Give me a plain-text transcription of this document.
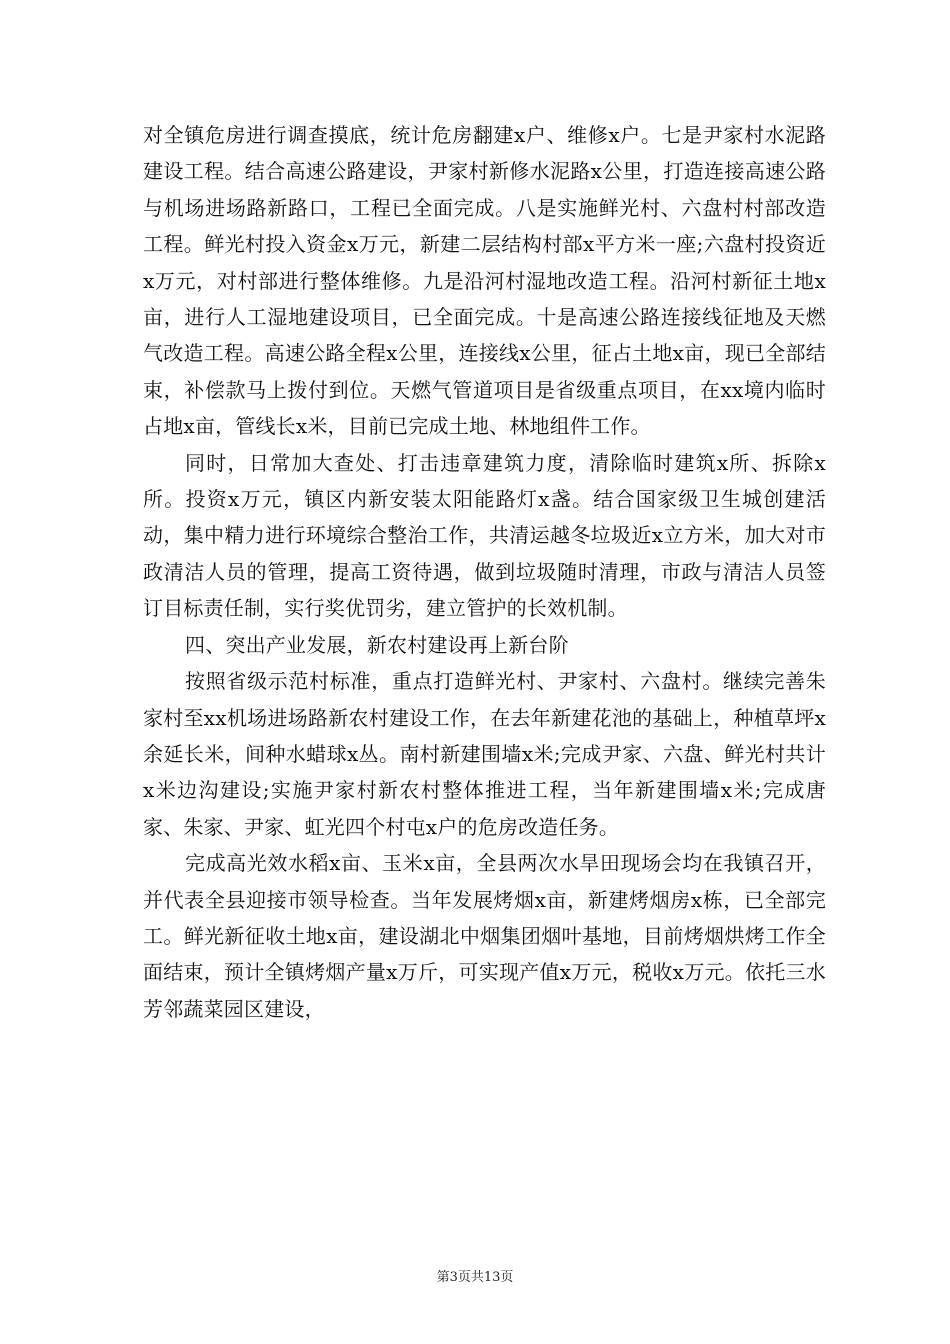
对全镇危房进行调查摸底，统计危房翻建x户、维修x户。七是尹家村水泥路建设工程。结合高速公路建设，尹家村新修水泥路x公里，打造连接高速公路与机场进场路新路口，工程已全面完成。八是实施鲜光村、六盘村村部改造工程。鲜光村投入资金x万元，新建二层结构村部x平方米一座;六盘村投资近x万元，对村部进行整体维修。九是沿河村湿地改造工程。沿河村新征土地x亩，进行人工湿地建设项目，已全面完成。十是高速公路连接线征地及天燃气改造工程。高速公路全程x公里，连接线x公里，征占土地x亩，现已全部结束，补偿款马上拨付到位。天燃气管道项目是省级重点项目，在xx境内临时占地x亩，管线长x米，目前已完成土地、林地组件工作。

同时，日常加大查处、打击违章建筑力度，清除临时建筑x所、拆除x所。投资x万元，镇区内新安装太阳能路灯x盏。结合国家级卫生城创建活动，集中精力进行环境综合整治工作，共清运越冬垃圾近x立方米，加大对市政清洁人员的管理，提高工资待遇，做到垃圾随时清理，市政与清洁人员签订目标责任制，实行奖优罚劣，建立管护的长效机制。

四、突出产业发展，新农村建设再上新台阶

按照省级示范村标准，重点打造鲜光村、尹家村、六盘村。继续完善朱家村至xx机场进场路新农村建设工作，在去年新建花池的基础上，种植草坪x余延长米，间种水蜡球x丛。南村新建围墙x米;完成尹家、六盘、鲜光村共计x米边沟建设;实施尹家村新农村整体推进工程，当年新建围墙x米;完成唐家、朱家、尹家、虹光四个村屯x户的危房改造任务。

完成高光效水稻x亩、玉米x亩，全县两次水旱田现场会均在我镇召开，并代表全县迎接市领导检查。当年发展烤烟x亩，新建烤烟房x栋，已全部完工。鲜光新征收土地x亩，建设湖北中烟集团烟叶基地，目前烤烟烘烤工作全面结束，预计全镇烤烟产量x万斤，可实现产值x万元，税收x万元。依托三水芳邻蔬菜园区建设，

第3页共13页
